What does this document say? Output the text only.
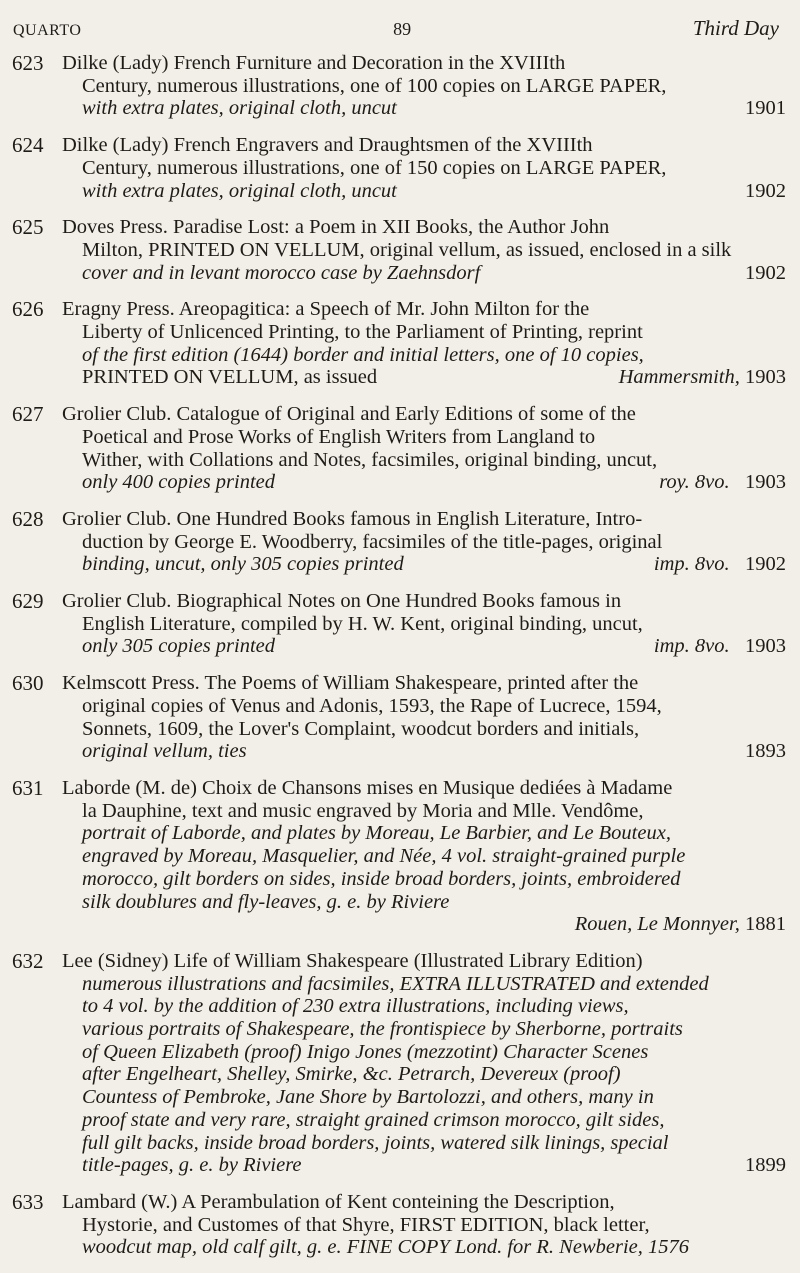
QUARTO	89	Third Day
623 Dilke (Lady) French Furniture and Decoration in the XVIIIth
Century, numerous illustrations, one of 100 copies on LARGE PAPER,
with extra plates, original cloth, uncut	1901
624 Dilke (Lady) French Engravers and Draughtsmen of the XVIIIth
Century, numerous illustrations, one of 150 copies on LARGE PAPER,
with extra plates, original cloth, uncut	1902
625 Doves Press. Paradise Lost: a Poem in XII Books, the Author John
Milton, PRINTED ON VELLUM, original vellum, as issued, enclosed in a silk
cover and in levant morocco case by Zaehnsdorf	1902
626 Eragny Press. Areopagitica: a Speech of Mr. John Milton for the
Liberty of Unlicenced Printing, to the Parliament of Printing, reprint
of the first edition (1644) border and initial letters, one of 10 copies,
PRINTED ON VELLUM, as issued	Hammersmith, 1903
627 Grolier Club. Catalogue of Original and Early Editions of some of the
Poetical and Prose Works of English Writers from Langland to
Wither, with Collations and Notes, facsimiles, original binding, uncut,
only 400 copies printed	roy. 8vo. 1903
628 Grolier Club. One Hundred Books famous in English Literature, Intro-
duction by George E. Woodberry, facsimiles of the title-pages, original
binding, uncut, only 305 copies printed	imp. 8vo. 1902
629 Grolier Club. Biographical Notes on One Hundred Books famous in
English Literature, compiled by H. W. Kent, original binding, uncut,
only 305 copies printed	imp. 8vo. 1903
630 Kelmscott Press. The Poems of William Shakespeare, printed after the
original copies of Venus and Adonis, 1593, the Rape of Lucrece, 1594,
Sonnets, 1609, the Lover's Complaint, woodcut borders and initials,
original vellum, ties	1893
631 Laborde (M. de) Choix de Chansons mises en Musique dediées à Madame
la Dauphine, text and music engraved by Moria and Mlle. Vendôme,
portrait of Laborde, and plates by Moreau, Le Barbier, and Le Bouteux,
engraved by Moreau, Masquelier, and Née, 4 vol. straight-grained purple
morocco, gilt borders on sides, inside broad borders, joints, embroidered
silk doublures and fly-leaves, g. e. by Riviere
Rouen, Le Monnyer, 1881
632 Lee (Sidney) Life of William Shakespeare (Illustrated Library Edition)
numerous illustrations and facsimiles, EXTRA ILLUSTRATED and extended
to 4 vol. by the addition of 230 extra illustrations, including views,
various portraits of Shakespeare, the frontispiece by Sherborne, portraits
of Queen Elizabeth (proof) Inigo Jones (mezzotint) Character Scenes
after Engelheart, Shelley, Smirke, &c. Petrarch, Devereux (proof)
Countess of Pembroke, Jane Shore by Bartolozzi, and others, many in
proof state and very rare, straight grained crimson morocco, gilt sides,
full gilt backs, inside broad borders, joints, watered silk linings, special
title-pages, g. e. by Riviere	1899
633 Lambard (W.) A Perambulation of Kent conteining the Description,
Hystorie, and Customes of that Shyre, FIRST EDITION, black letter,
woodcut map, old calf gilt, g. e. FINE COPY Lond. for R. Newberie, 1576
